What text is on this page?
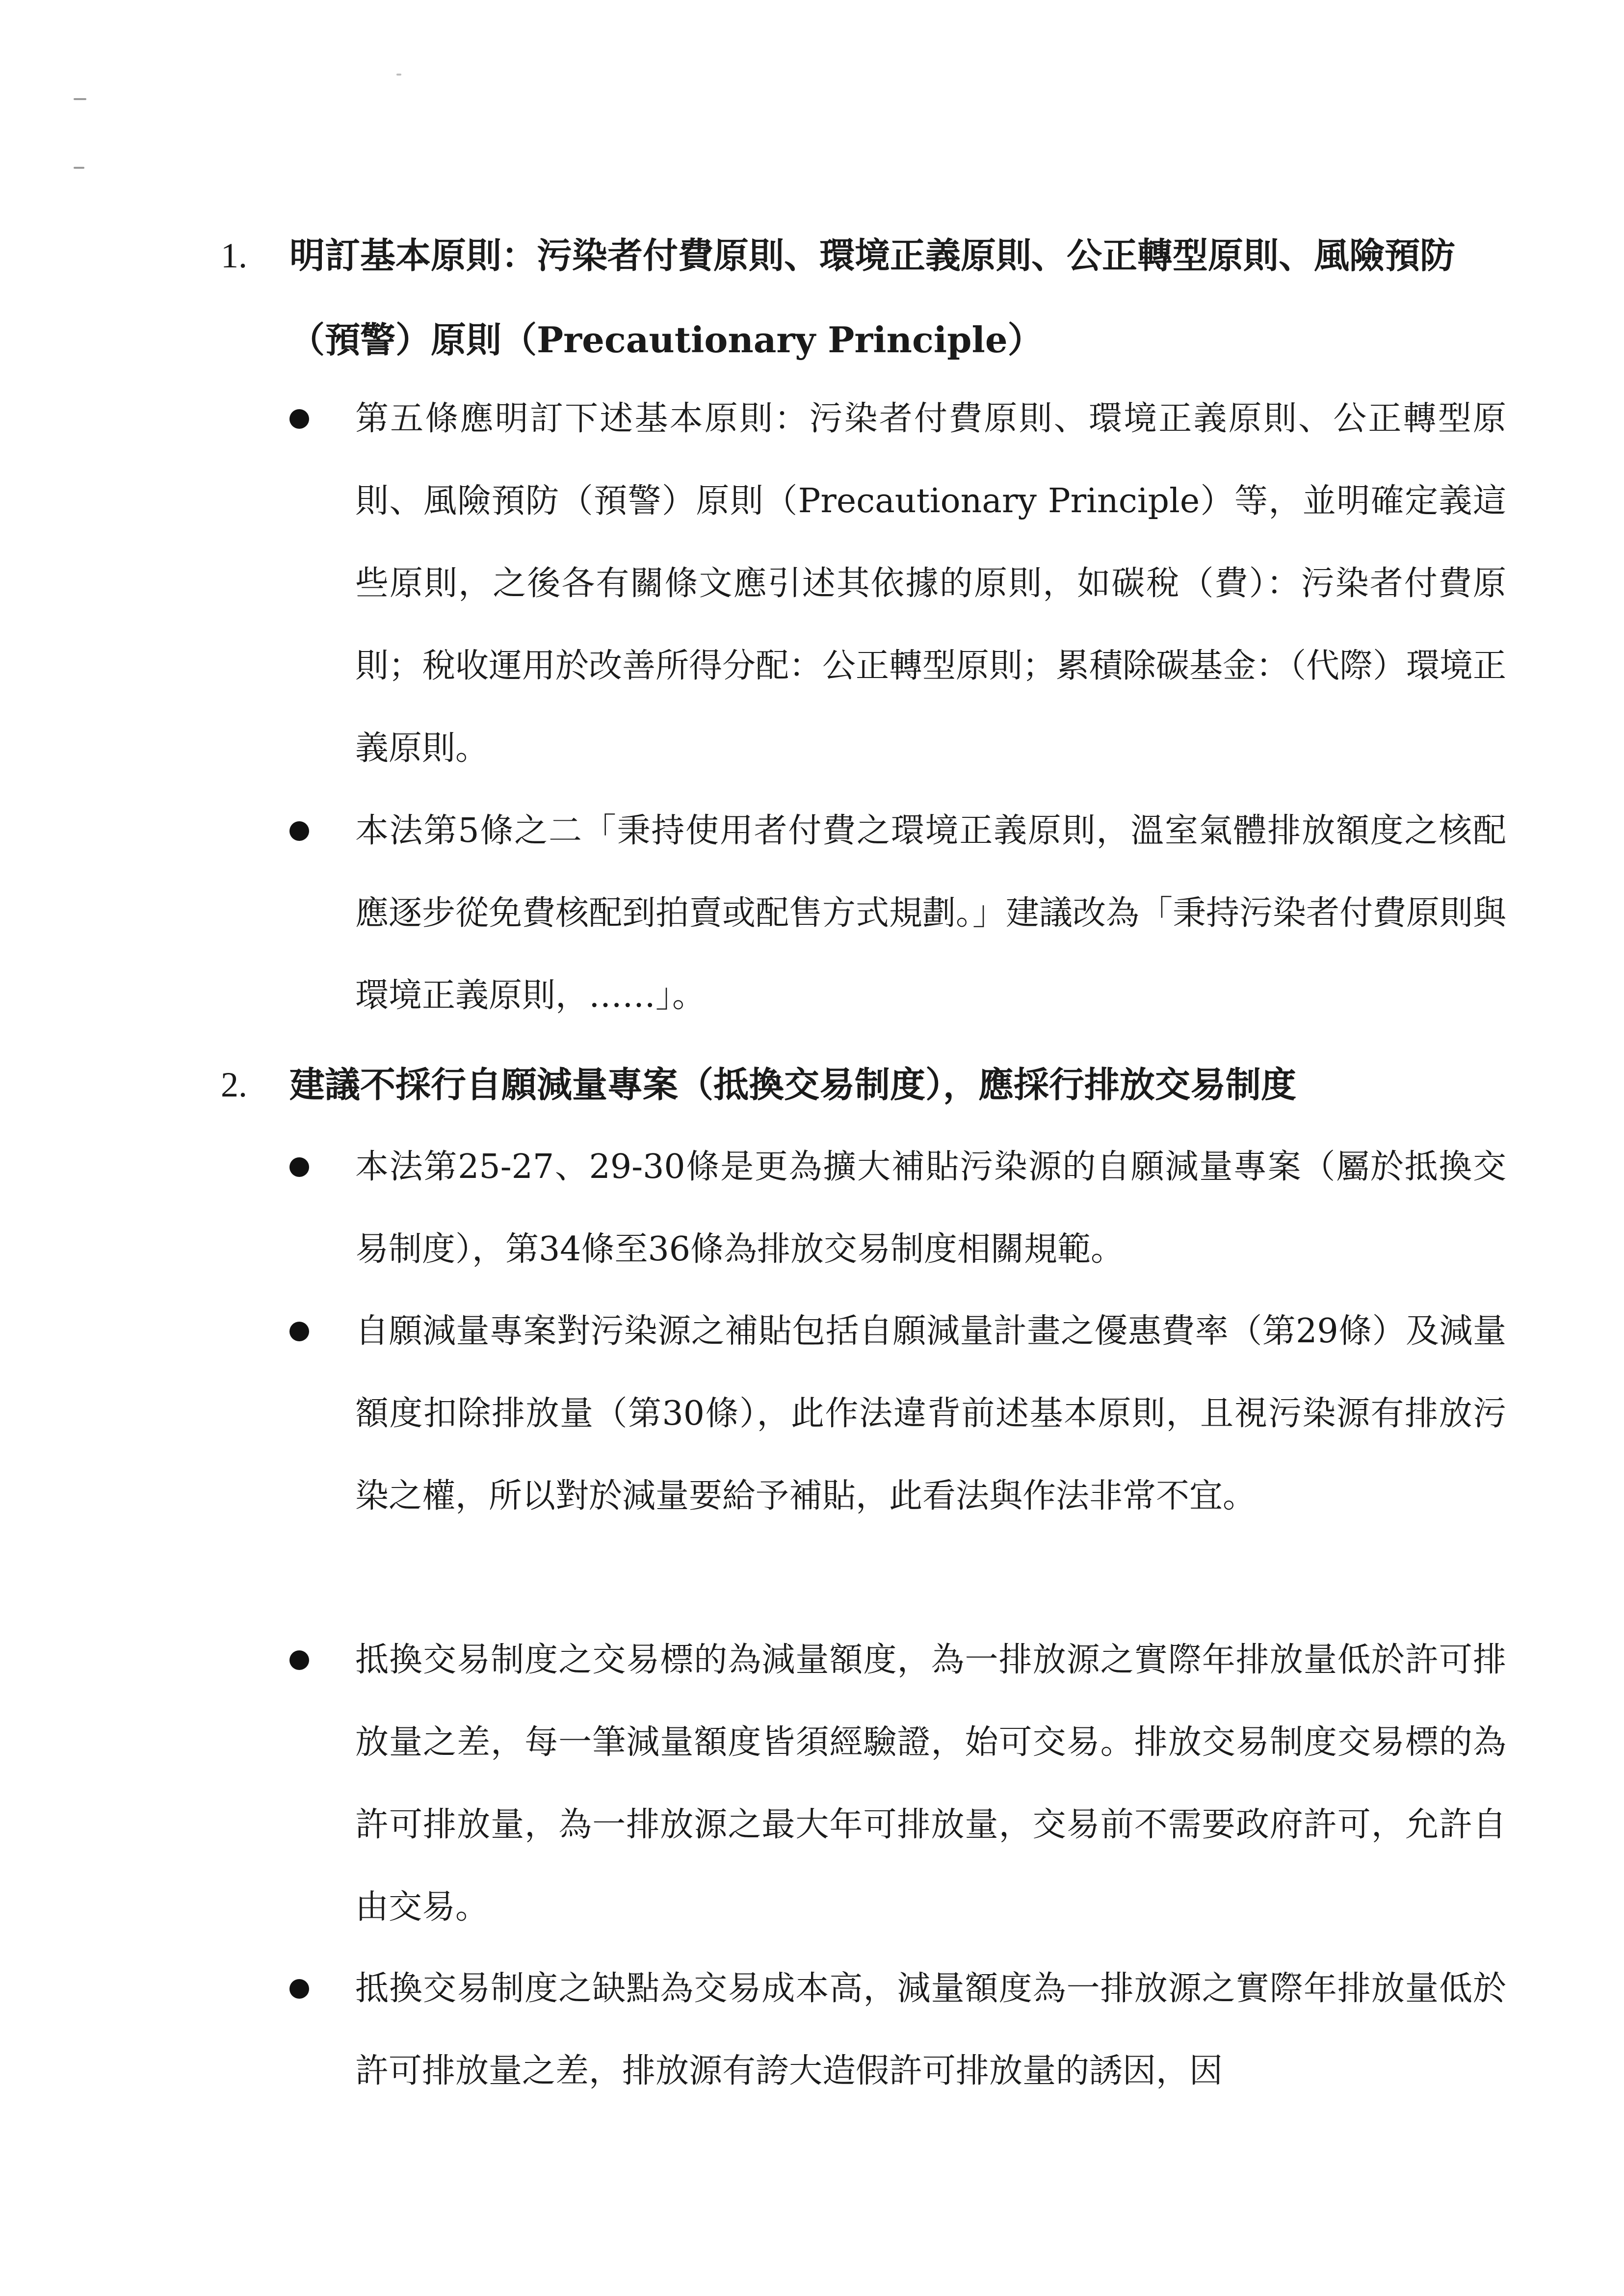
1. 明訂基本原則：污染者付費原則、環境正義原則、公正轉型原則、風險預防（預警）原則（Precautionary Principle）
第五條應明訂下述基本原則：污染者付費原則、環境正義原則、公正轉型原則、風險預防（預警）原則（Precautionary Principle）等，並明確定義這些原則，之後各有關條文應引述其依據的原則，如碳稅（費）：污染者付費原則；稅收運用於改善所得分配：公正轉型原則；累積除碳基金：（代際）環境正義原則。
本法第5條之二「秉持使用者付費之環境正義原則，溫室氣體排放額度之核配應逐步從免費核配到拍賣或配售方式規劃。」建議改為「秉持污染者付費原則與環境正義原則，……」。
2. 建議不採行自願減量專案（抵換交易制度），應採行排放交易制度
本法第25-27、29-30條是更為擴大補貼污染源的自願減量專案（屬於抵換交易制度），第34條至36條為排放交易制度相關規範。
自願減量專案對污染源之補貼包括自願減量計畫之優惠費率（第29條）及減量額度扣除排放量（第30條），此作法違背前述基本原則，且視污染源有排放污染之權，所以對於減量要給予補貼，此看法與作法非常不宜。
抵換交易制度之交易標的為減量額度，為一排放源之實際年排放量低於許可排放量之差，每一筆減量額度皆須經驗證，始可交易。排放交易制度交易標的為許可排放量，為一排放源之最大年可排放量，交易前不需要政府許可，允許自由交易。
抵換交易制度之缺點為交易成本高，減量額度為一排放源之實際年排放量低於許可排放量之差，排放源有誇大造假許可排放量的誘因，因
